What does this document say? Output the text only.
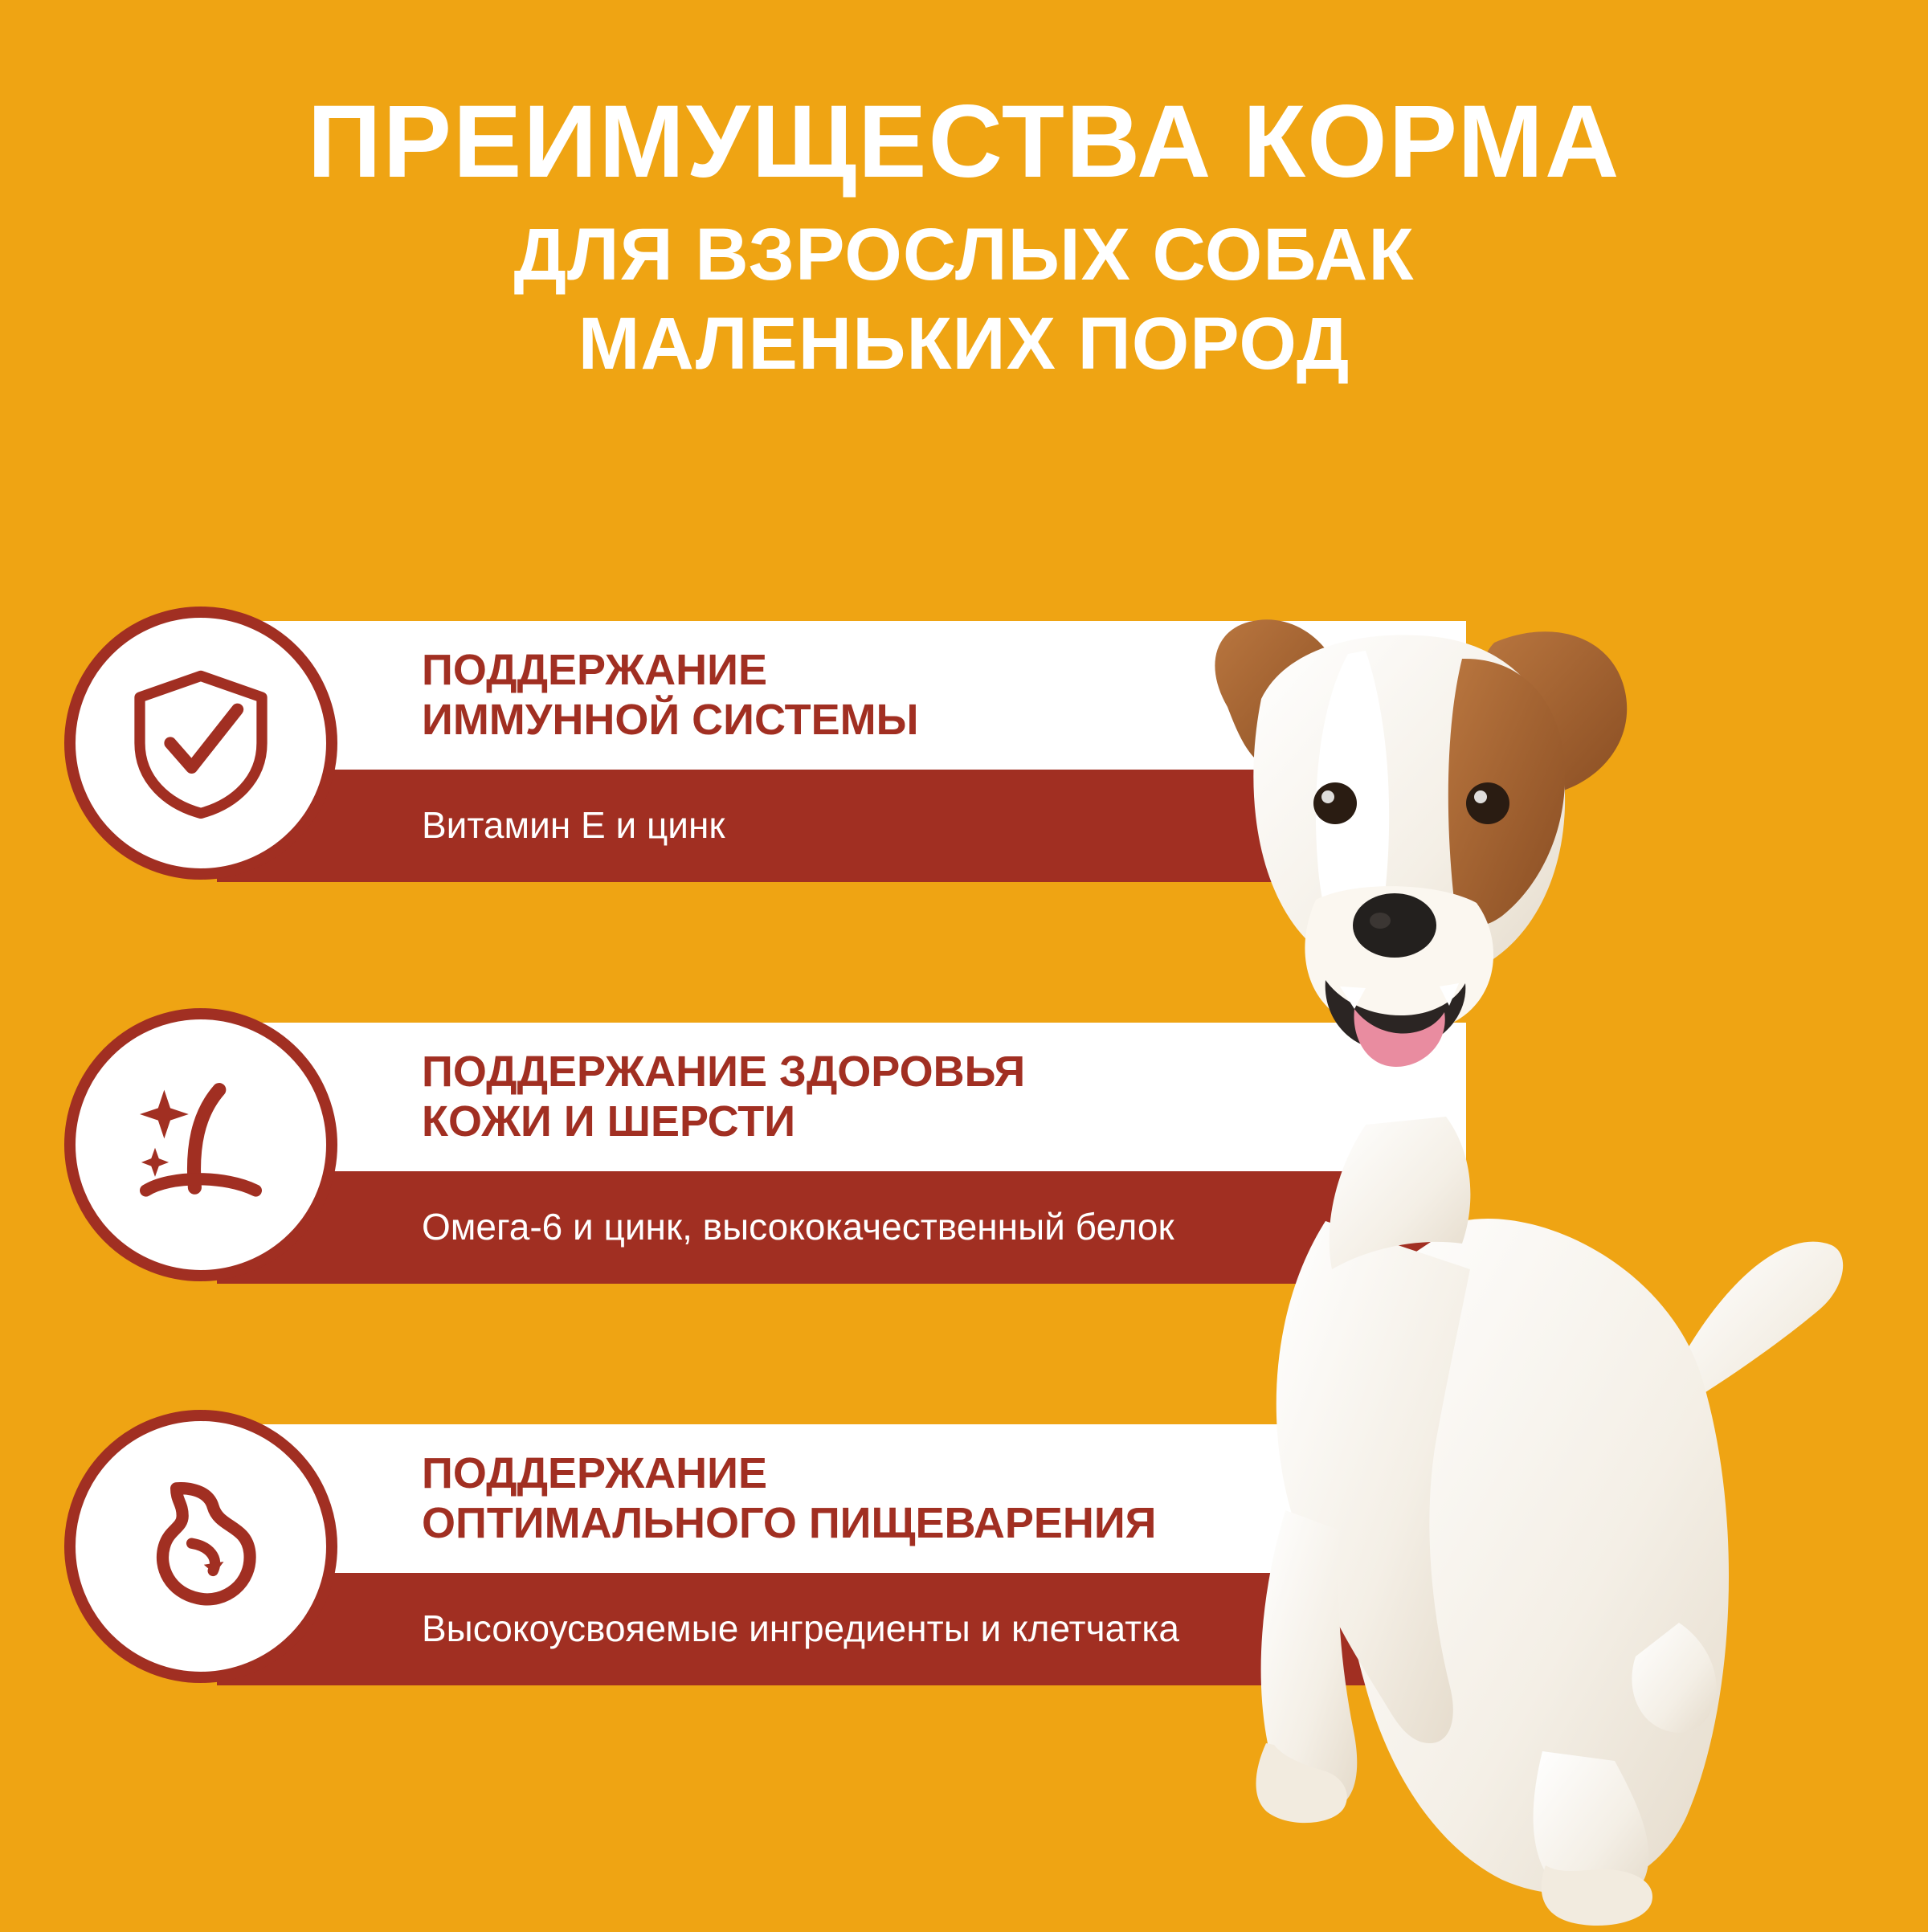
ПРЕИМУЩЕСТВА КОРМА
ДЛЯ ВЗРОСЛЫХ СОБАК
МАЛЕНЬКИХ ПОРОД
ПОДДЕРЖАНИЕ
ИММУННОЙ СИСТЕМЫ
Витамин Е и цинк
ПОДДЕРЖАНИЕ ЗДОРОВЬЯ
КОЖИ И ШЕРСТИ
Омега-6 и цинк, высококачественный белок
ПОДДЕРЖАНИЕ
ОПТИМАЛЬНОГО ПИЩЕВАРЕНИЯ
Высокоусвояемые ингредиенты и клетчатка
